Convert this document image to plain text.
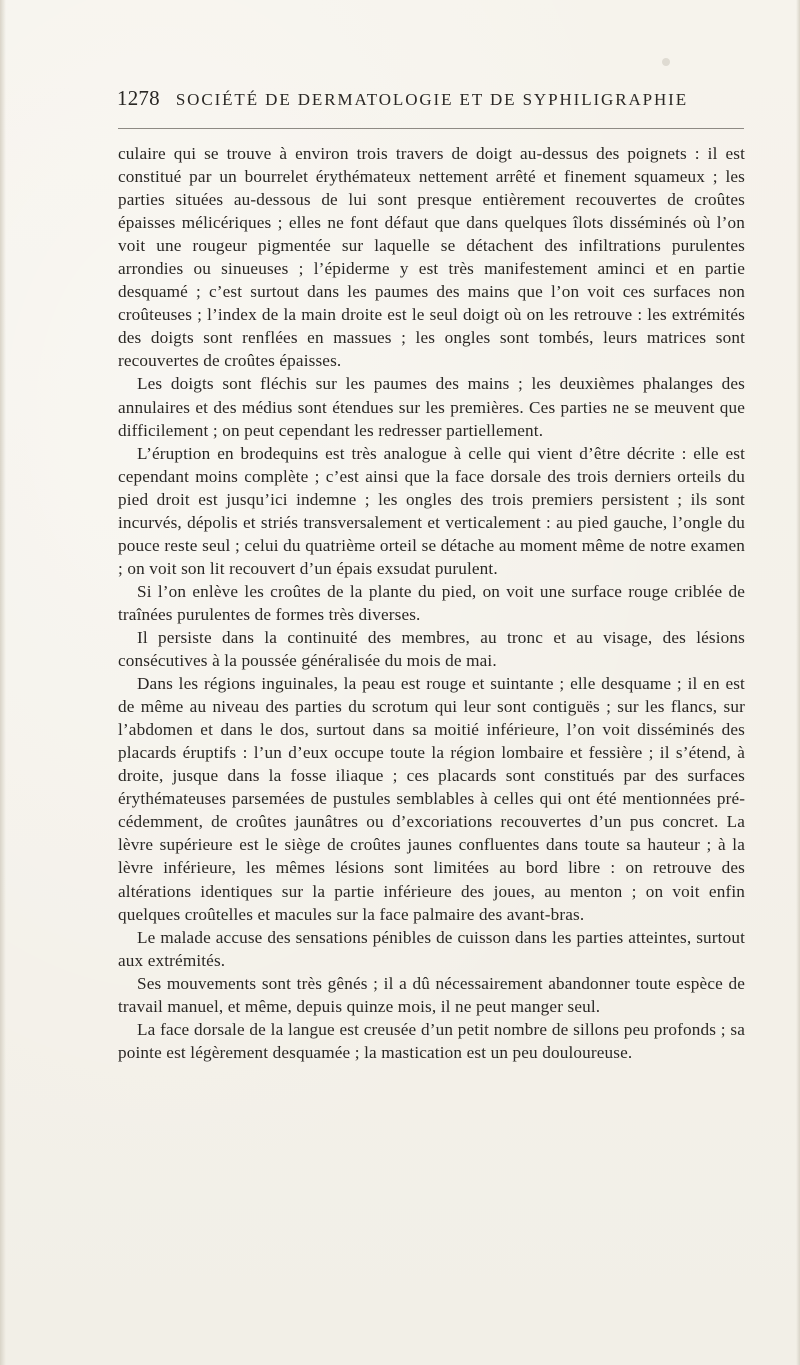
1278 SOCIÉTÉ DE DERMATOLOGIE ET DE SYPHILIGRAPHIE

culaire qui se trouve à environ trois travers de doigt au-dessus des poignets : il est constitué par un bourrelet érythémateux nettement arrêté et finement squameux ; les parties situées au-dessous de lui sont presque entièrement recouvertes de croûtes épaisses mélicériques ; elles ne font défaut que dans quelques îlots disséminés où l’on voit une rougeur pigmentée sur laquelle se détachent des infiltrations purulentes arrondies ou sinueuses ; l’épiderme y est très manifestement aminci et en partie desquamé ; c’est surtout dans les paumes des mains que l’on voit ces surfaces non croûteuses ; l’index de la main droite est le seul doigt où on les retrouve : les extrémités des doigts sont renflées en massues ; les ongles sont tombés, leurs matrices sont recouvertes de croûtes épaisses.

Les doigts sont fléchis sur les paumes des mains ; les deuxièmes phalanges des annulaires et des médius sont étendues sur les premières. Ces parties ne se meuvent que difficilement ; on peut cependant les redresser partiellement.

L’éruption en brodequins est très analogue à celle qui vient d’être décrite : elle est cependant moins complète ; c’est ainsi que la face dorsale des trois derniers orteils du pied droit est jusqu’ici indemne ; les ongles des trois premiers persistent ; ils sont incurvés, dépolis et striés transversalement et verticalement : au pied gauche, l’ongle du pouce reste seul ; celui du quatrième orteil se détache au moment même de notre examen ; on voit son lit recouvert d’un épais exsudat purulent.

Si l’on enlève les croûtes de la plante du pied, on voit une surface rouge criblée de traînées purulentes de formes très diverses.

Il persiste dans la continuité des membres, au tronc et au visage, des lésions consécutives à la poussée généralisée du mois de mai.

Dans les régions inguinales, la peau est rouge et suintante ; elle desquame ; il en est de même au niveau des parties du scrotum qui leur sont contiguës ; sur les flancs, sur l’abdomen et dans le dos, surtout dans sa moitié inférieure, l’on voit disséminés des placards éruptifs : l’un d’eux occupe toute la région lombaire et fessière ; il s’étend, à droite, jusque dans la fosse iliaque ; ces placards sont constitués par des surfaces érythémateuses parsemées de pustules semblables à celles qui ont été mentionnées précédemment, de croûtes jaunâtres ou d’excoriations recouvertes d’un pus concret. La lèvre supérieure est le siège de croûtes jaunes confluentes dans toute sa hauteur ; à la lèvre inférieure, les mêmes lésions sont limitées au bord libre : on retrouve des altérations identiques sur la partie inférieure des joues, au menton ; on voit enfin quelques croûtelles et macules sur la face palmaire des avant-bras.

Le malade accuse des sensations pénibles de cuisson dans les parties atteintes, surtout aux extrémités.

Ses mouvements sont très gênés ; il a dû nécessairement abandonner toute espèce de travail manuel, et même, depuis quinze mois, il ne peut manger seul.

La face dorsale de la langue est creusée d’un petit nombre de sillons peu profonds ; sa pointe est légèrement desquamée ; la mastication est un peu douloureuse.
